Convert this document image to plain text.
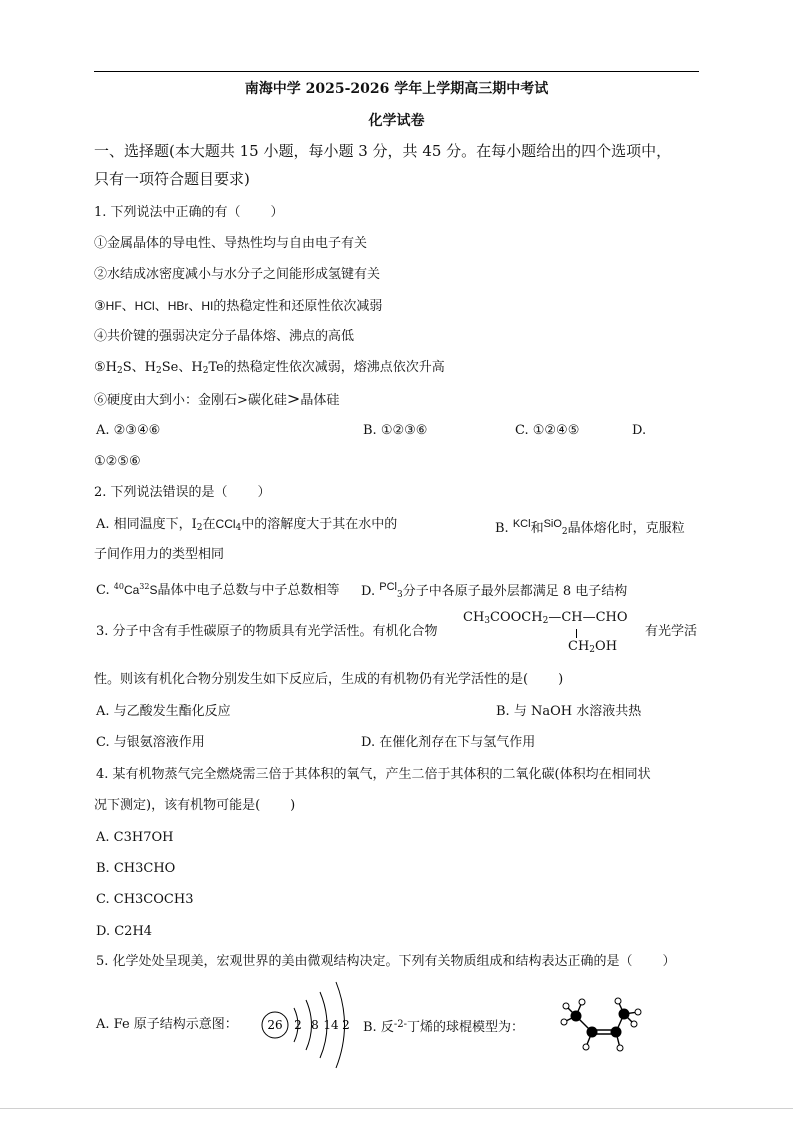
南海中学 2025-2026 学年上学期高三期中考试
化学试卷
一、选择题(本大题共 15 小题，每小题 3 分，共 45 分。在每小题给出的四个选项中，
只有一项符合题目要求)
1. 下列说法中正确的有（ ）
①金属晶体的导电性、导热性均与自由电子有关
②水结成冰密度减小与水分子之间能形成氢键有关
③HF、HCl、HBr、HI的热稳定性和还原性依次减弱
④共价键的强弱决定分子晶体熔、沸点的高低
$⑤H_2S$、$H_2Se$、$H_2Te$的热稳定性依次减弱，熔沸点依次升高
⑥硬度由大到小：金刚石>碳化硅>晶体硅
A. ②③④⑥	B. ①②③⑥	C. ①②④⑤	D.
①②⑤⑥
2. 下列说法错误的是（ ）
A. 相同温度下，$I_2$在CCl$_4$中的溶解度大于其在水中的	B. $^{KCl}$和$^{SiO}_2$晶体熔化时，克服粒
子间作用力的类型相同
C. $^{40}$Ca$^{32}$S晶体中电子总数与中子总数相等 D. $^{PCl}_3$分子中各原子最外层都满足 8 电子结构
3. 分子中含有手性碳原子的物质具有光学活性。有机化合物
$CH_3COOCH_2—CH—CHO$
$CH_2OH$
有光学活
性。则该有机化合物分别发生如下反应后，生成的有机物仍有光学活性的是( )
A. 与乙酸发生酯化反应	B. 与 NaOH 水溶液共热
C. 与银氨溶液作用	D. 在催化剂存在下与氢气作用
4. 某有机物蒸气完全燃烧需三倍于其体积的氧气，产生二倍于其体积的二氧化碳(体积均在相同状
况下测定)，该有机物可能是( )
A. C3H7OH
B. CH3CHO
C. CH3COCH3
D. C2H4
5. 化学处处呈现美，宏观世界的美由微观结构决定。下列有关物质组成和结构表达正确的是（ ）
A. Fe 原子结构示意图： 26 2 8 14 2 B. 反$^{-2-}$丁烯的球棍模型为：
